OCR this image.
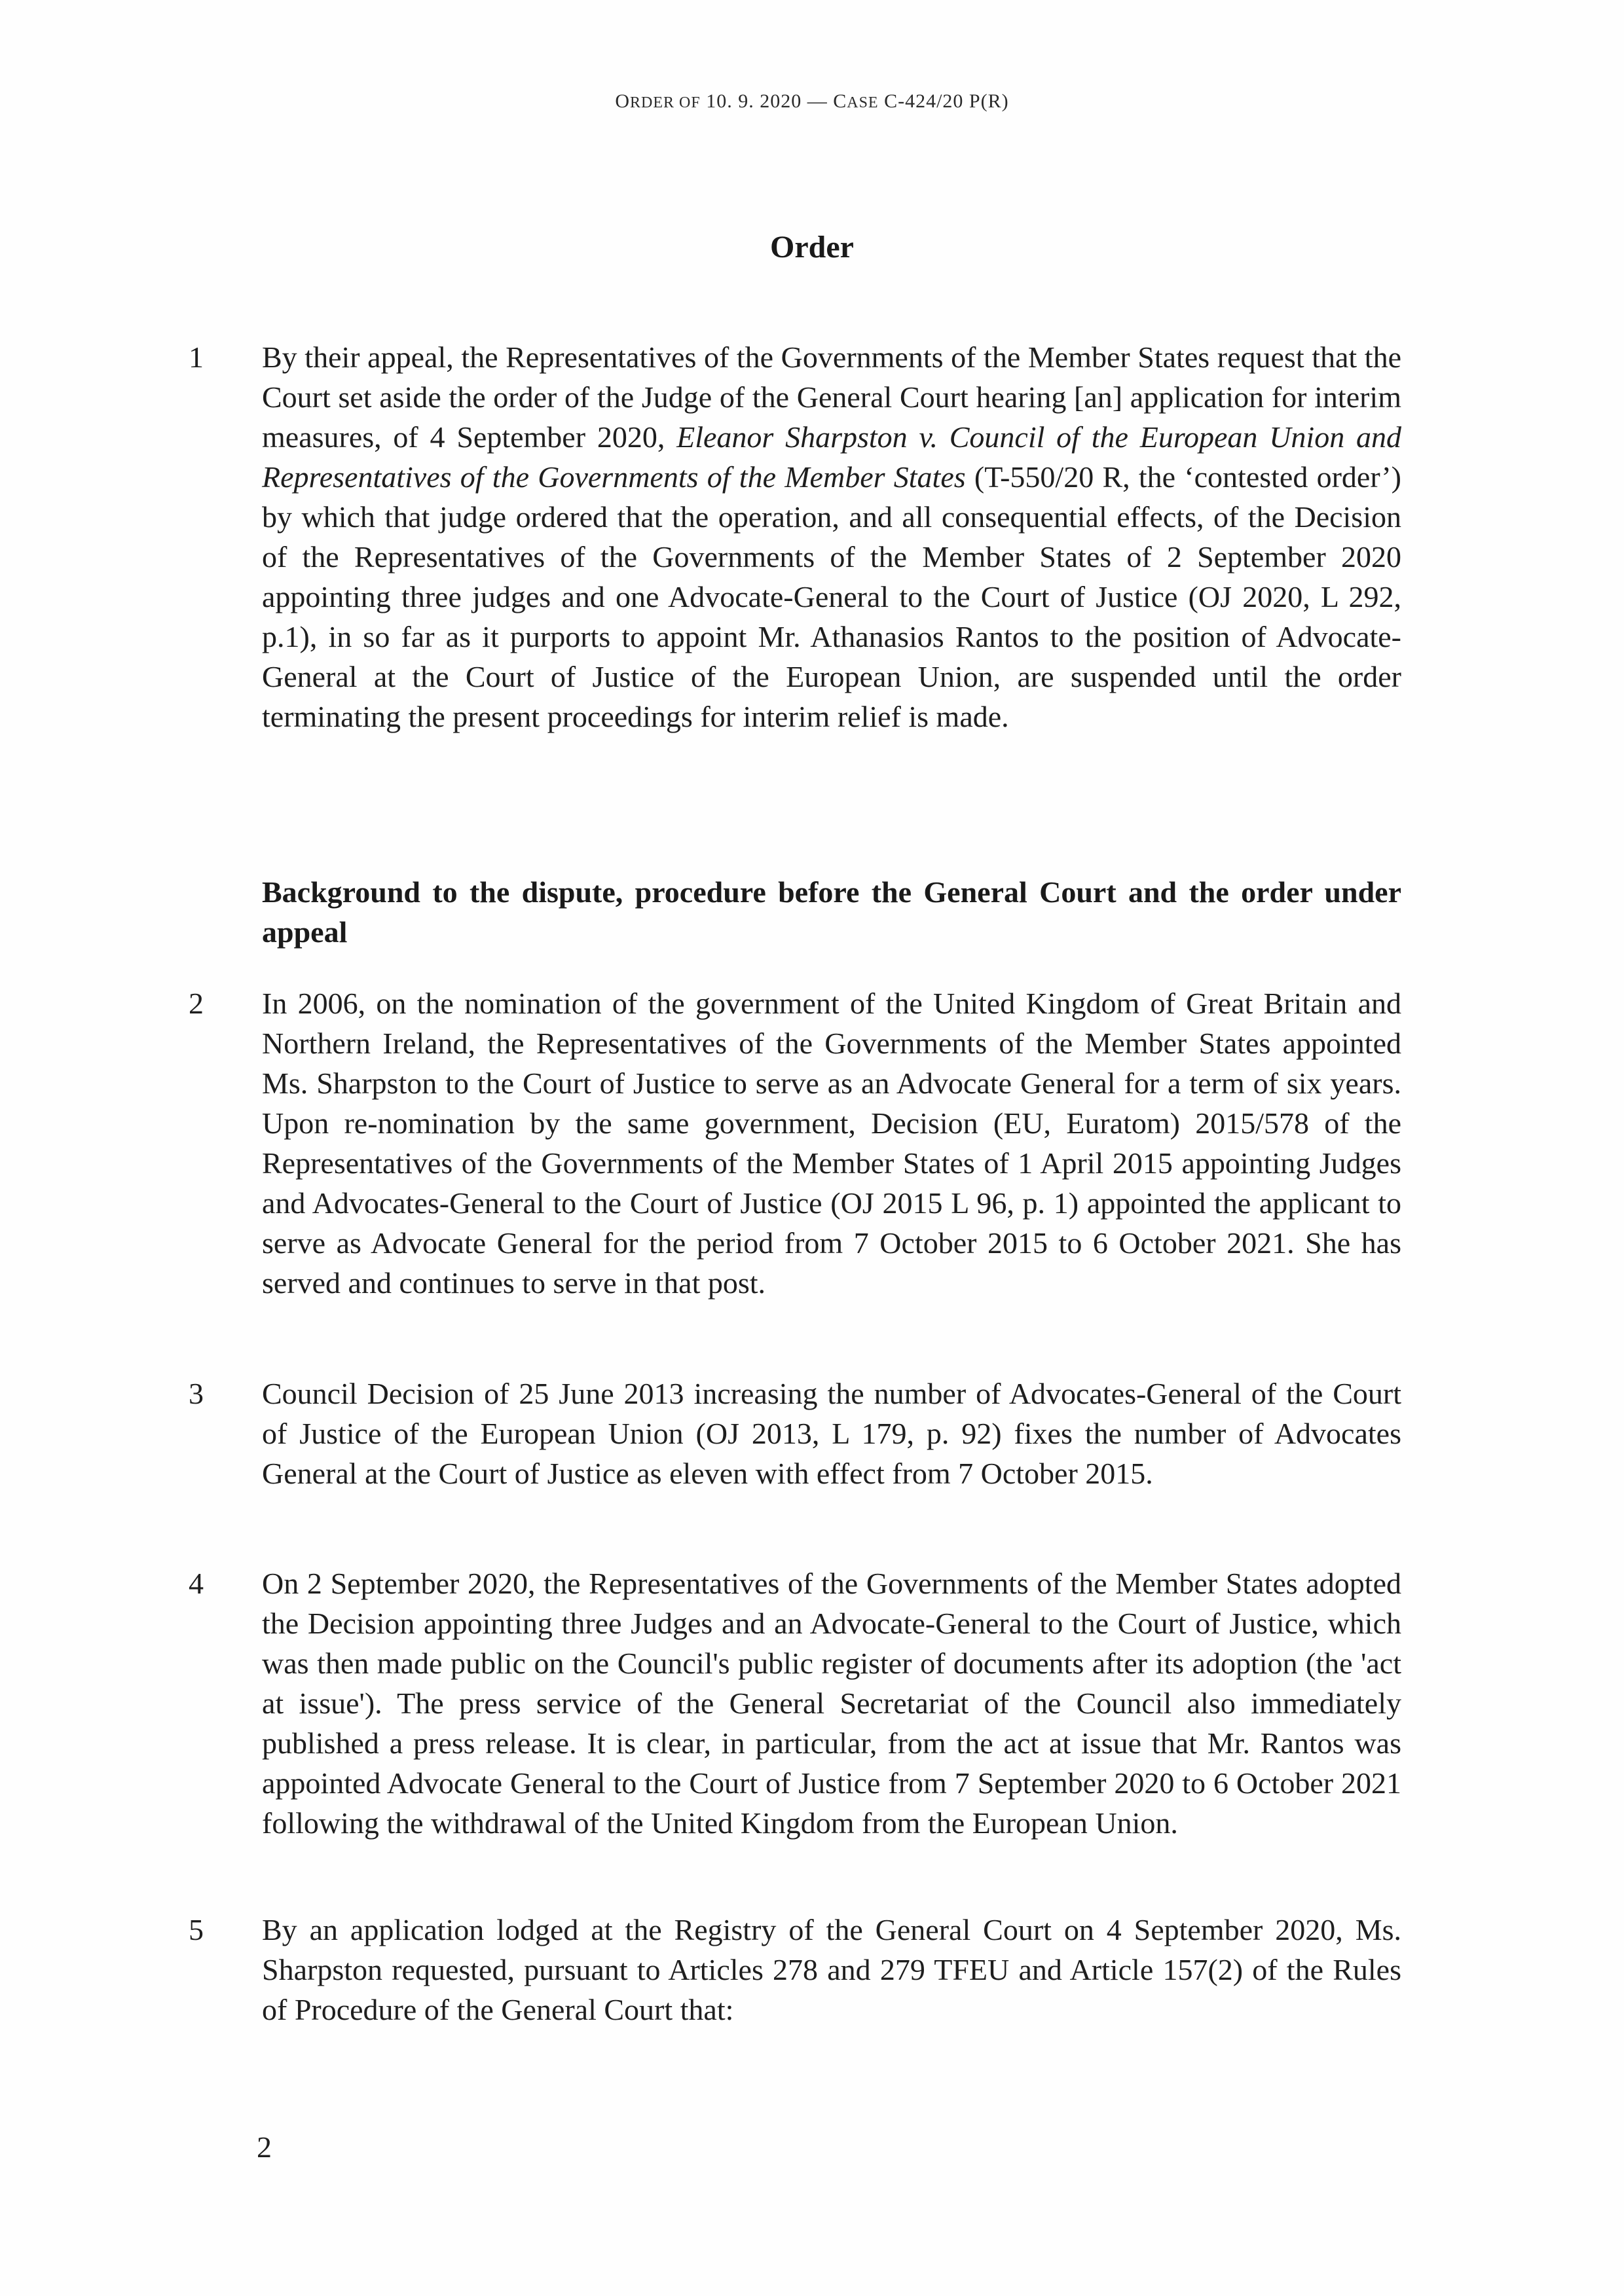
ORDER OF 10. 9. 2020 — CASE C-424/20 P(R)
Order
1 By their appeal, the Representatives of the Governments of the Member States request that the Court set aside the order of the Judge of the General Court hearing [an] application for interim measures, of 4 September 2020, Eleanor Sharpston v. Council of the European Union and Representatives of the Governments of the Member States (T-550/20 R, the ‘contested order’) by which that judge ordered that the operation, and all consequential effects, of the Decision of the Representatives of the Governments of the Member States of 2 September 2020 appointing three judges and one Advocate-General to the Court of Justice (OJ 2020, L 292, p.1), in so far as it purports to appoint Mr. Athanasios Rantos to the position of Advocate-General at the Court of Justice of the European Union, are suspended until the order terminating the present proceedings for interim relief is made.
Background to the dispute, procedure before the General Court and the order under appeal
2 In 2006, on the nomination of the government of the United Kingdom of Great Britain and Northern Ireland, the Representatives of the Governments of the Member States appointed Ms. Sharpston to the Court of Justice to serve as an Advocate General for a term of six years. Upon re-nomination by the same government, Decision (EU, Euratom) 2015/578 of the Representatives of the Governments of the Member States of 1 April 2015 appointing Judges and Advocates-General to the Court of Justice (OJ 2015 L 96, p. 1) appointed the applicant to serve as Advocate General for the period from 7 October 2015 to 6 October 2021. She has served and continues to serve in that post.
3 Council Decision of 25 June 2013 increasing the number of Advocates-General of the Court of Justice of the European Union (OJ 2013, L 179, p. 92) fixes the number of Advocates General at the Court of Justice as eleven with effect from 7 October 2015.
4 On 2 September 2020, the Representatives of the Governments of the Member States adopted the Decision appointing three Judges and an Advocate-General to the Court of Justice, which was then made public on the Council's public register of documents after its adoption (the 'act at issue'). The press service of the General Secretariat of the Council also immediately published a press release. It is clear, in particular, from the act at issue that Mr. Rantos was appointed Advocate General to the Court of Justice from 7 September 2020 to 6 October 2021 following the withdrawal of the United Kingdom from the European Union.
5 By an application lodged at the Registry of the General Court on 4 September 2020, Ms. Sharpston requested, pursuant to Articles 278 and 279 TFEU and Article 157(2) of the Rules of Procedure of the General Court that:
2
